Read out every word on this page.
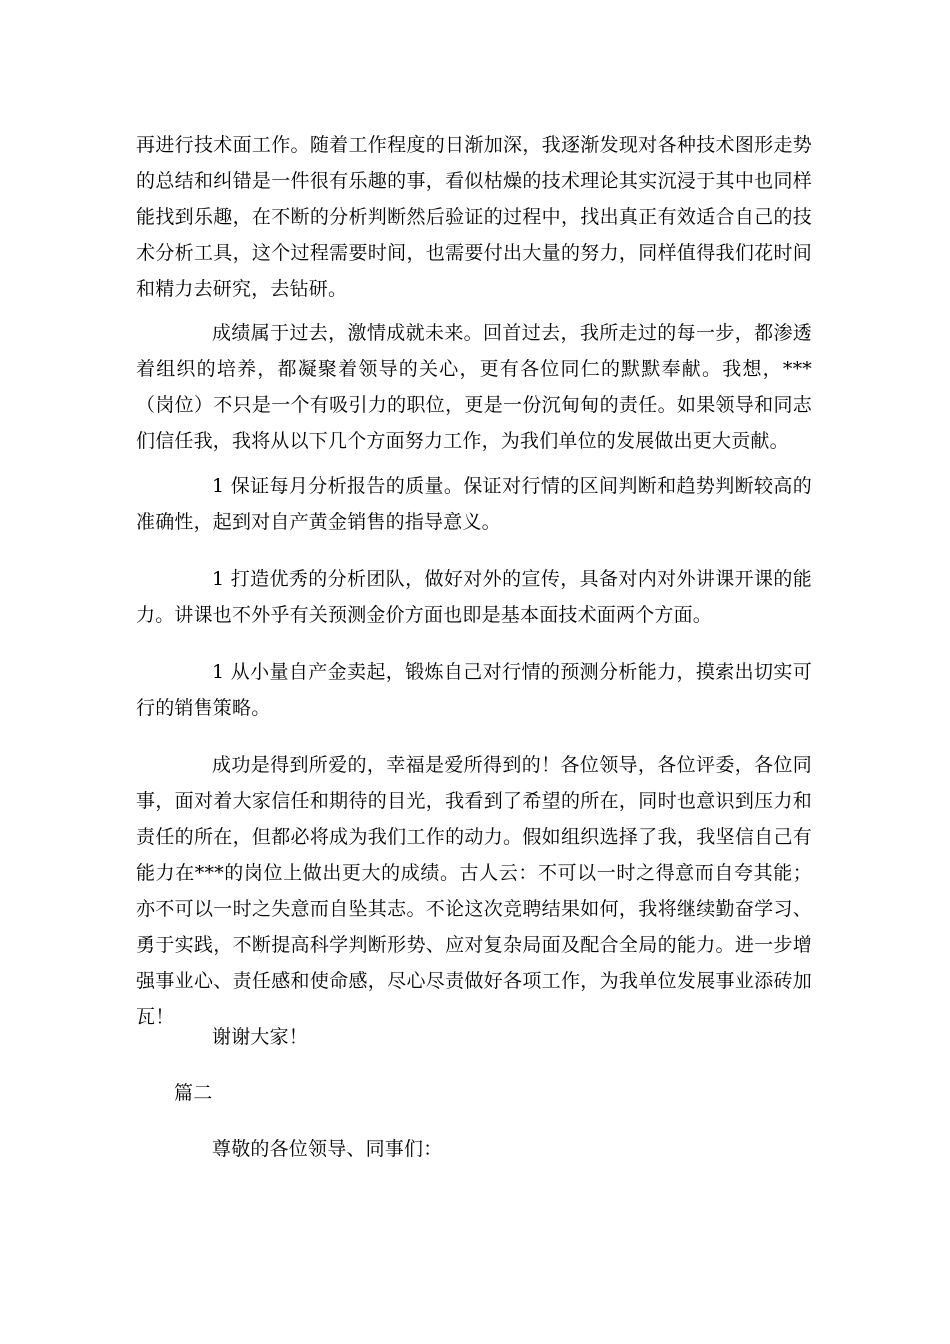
再进行技术面工作。随着工作程度的日渐加深，我逐渐发现对各种技术图形走势的总结和纠错是一件很有乐趣的事，看似枯燥的技术理论其实沉浸于其中也同样能找到乐趣，在不断的分析判断然后验证的过程中，找出真正有效适合自己的技术分析工具，这个过程需要时间，也需要付出大量的努力，同样值得我们花时间和精力去研究，去钻研。

成绩属于过去，激情成就未来。回首过去，我所走过的每一步，都渗透着组织的培养，都凝聚着领导的关心，更有各位同仁的默默奉献。我想，***（岗位）不只是一个有吸引力的职位，更是一份沉甸甸的责任。如果领导和同志们信任我，我将从以下几个方面努力工作，为我们单位的发展做出更大贡献。

1 保证每月分析报告的质量。保证对行情的区间判断和趋势判断较高的准确性，起到对自产黄金销售的指导意义。

1 打造优秀的分析团队，做好对外的宣传，具备对内对外讲课开课的能力。讲课也不外乎有关预测金价方面也即是基本面技术面两个方面。

1 从小量自产金卖起，锻炼自己对行情的预测分析能力，摸索出切实可行的销售策略。

成功是得到所爱的，幸福是爱所得到的！各位领导，各位评委，各位同事，面对着大家信任和期待的目光，我看到了希望的所在，同时也意识到压力和责任的所在，但都必将成为我们工作的动力。假如组织选择了我，我坚信自己有能力在***的岗位上做出更大的成绩。古人云：不可以一时之得意而自夸其能；亦不可以一时之失意而自坠其志。不论这次竞聘结果如何，我将继续勤奋学习、勇于实践，不断提高科学判断形势、应对复杂局面及配合全局的能力。进一步增强事业心、责任感和使命感，尽心尽责做好各项工作，为我单位发展事业添砖加瓦！

谢谢大家！

篇二

尊敬的各位领导、同事们：
